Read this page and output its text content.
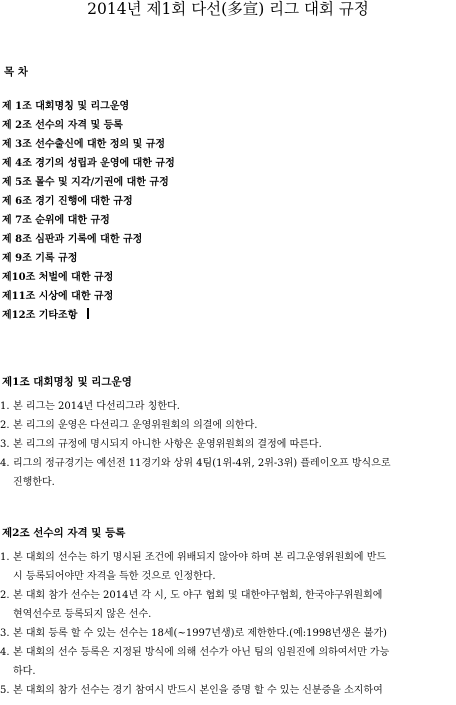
2014년 제1회 다선(多宣) 리그 대회 규정
목 차
제 1조 대회명칭 및 리그운영
제 2조 선수의 자격 및 등록
제 3조 선수출신에 대한 정의 및 규정
제 4조 경기의 성립과 운영에 대한 규정
제 5조 몰수 및 지각/기권에 대한 규정
제 6조 경기 진행에 대한 규정
제 7조 순위에 대한 규정
제 8조 심판과 기록에 대한 규정
제 9조 기록 규정
제10조 처벌에 대한 규정
제11조 시상에 대한 규정
제12조 기타조항
제1조 대회명칭 및 리그운영
1. 본 리그는 2014년 다선리그라 칭한다.
2. 본 리그의 운영은 다선리그 운영위원회의 의결에 의한다.
3. 본 리그의 규정에 명시되지 아니한 사항은 운영위원회의 결정에 따른다.
4. 리그의 정규경기는 예선전 11경기와 상위 4팀(1위-4위, 2위-3위) 플레이오프 방식으로
진행한다.
제2조 선수의 자격 및 등록
1. 본 대회의 선수는 하기 명시된 조건에 위배되지 않아야 하며 본 리그운영위원회에 반드
시 등록되어야만 자격을 득한 것으로 인정한다.
2. 본 대회 참가 선수는 2014년 각 시, 도 야구 협회 및 대한야구협회, 한국야구위원회에
현역선수로 등록되지 않은 선수.
3. 본 대회 등록 할 수 있는 선수는 18세(~1997년생)로 제한한다.(예:1998년생은 불가)
4. 본 대회의 선수 등록은 지정된 방식에 의해 선수가 아닌 팀의 임원진에 의하여서만 가능
하다.
5. 본 대회의 참가 선수는 경기 참여시 반드시 본인을 증명 할 수 있는 신분증을 소지하여
